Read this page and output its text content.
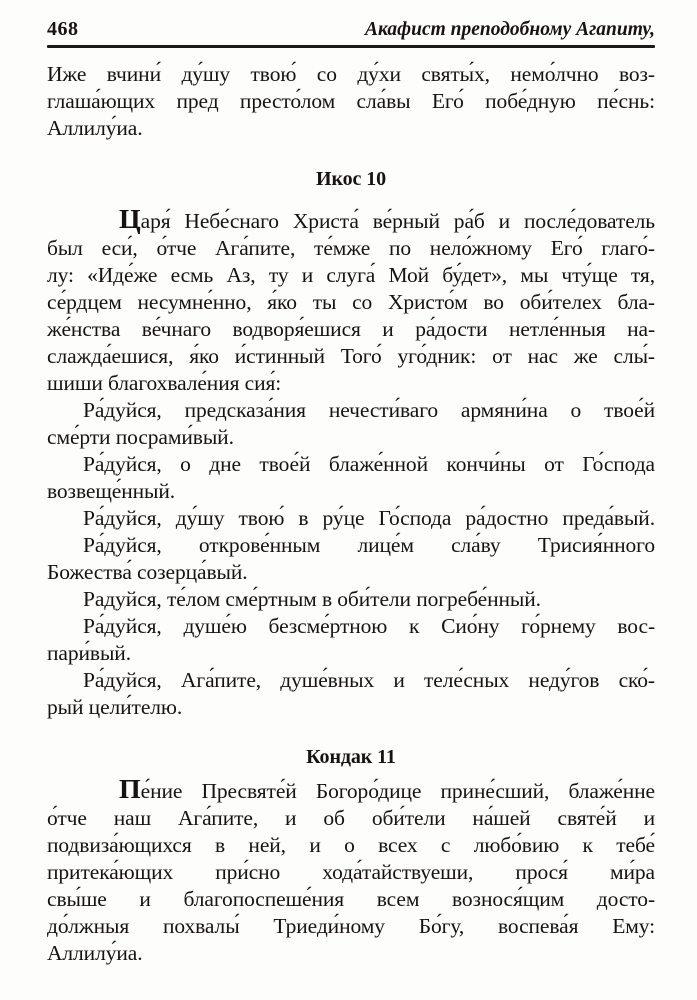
468	Акафист преподобному Агапиту,
Иже вчини́ ду́шу твою́ со ду́хи святы́х, немо́лчно воз-
глаша́ющих пред престо́лом сла́вы Его́ побе́дную пе́снь:
Аллилу́иа.
Икос 10
Царя́ Небе́снаго Христа́ ве́рный ра́б и после́дователь
был еси́, о́тче Ага́пите, те́мже по нело́жному Его́ глаго́-
лу: «Иде́же есмь Аз, ту и слуга́ Мой бу́дет», мы чту́ще тя,
се́рдцем несумне́нно, я́ко ты со Христо́м во оби́телех бла-
же́нства ве́чнаго водворя́ешися и ра́дости нетле́нныя на-
слажда́ешися, я́ко и́стинный Того́ уго́дник: от нас же слы́-
шиши благохвале́ния сия́:
Ра́дуйся, предсказа́ния нечести́ваго армяни́на о твое́й
сме́рти посрами́вый.
Ра́дуйся, о дне твое́й блаже́нной кончи́ны от Го́спода
возвеще́нный.
Ра́дуйся, ду́шу твою́ в ру́це Го́спода ра́достно преда́вый.
Ра́дуйся, открове́нным лице́м сла́ву Трисия́нного
Божества́ созерца́вый.
Радуйся, те́лом сме́ртным в оби́тели погребе́нный.
Ра́дуйся, душе́ю безсме́ртною к Сио́ну го́рнему вос-
пари́вый.
Ра́дуйся, Ага́пите, душе́вных и теле́сных неду́гов ско́-
рый цели́телю.
Кондак 11
Пе́ние Пресвяте́й Богоро́дице прине́сший, блаже́нне
о́тче наш Ага́пите, и об оби́тели на́шей святе́й и
подвиза́ющихся в ней, и о всех с любо́вию к тебе́
притека́ющих при́сно хода́тайствуеши, прося́ ми́ра
свы́ше и благопоспеше́ния всем вознося́щим досто-
до́лжныя похвалы́ Триеди́ному Бо́гу, воспева́я Ему:
Аллилу́иа.
